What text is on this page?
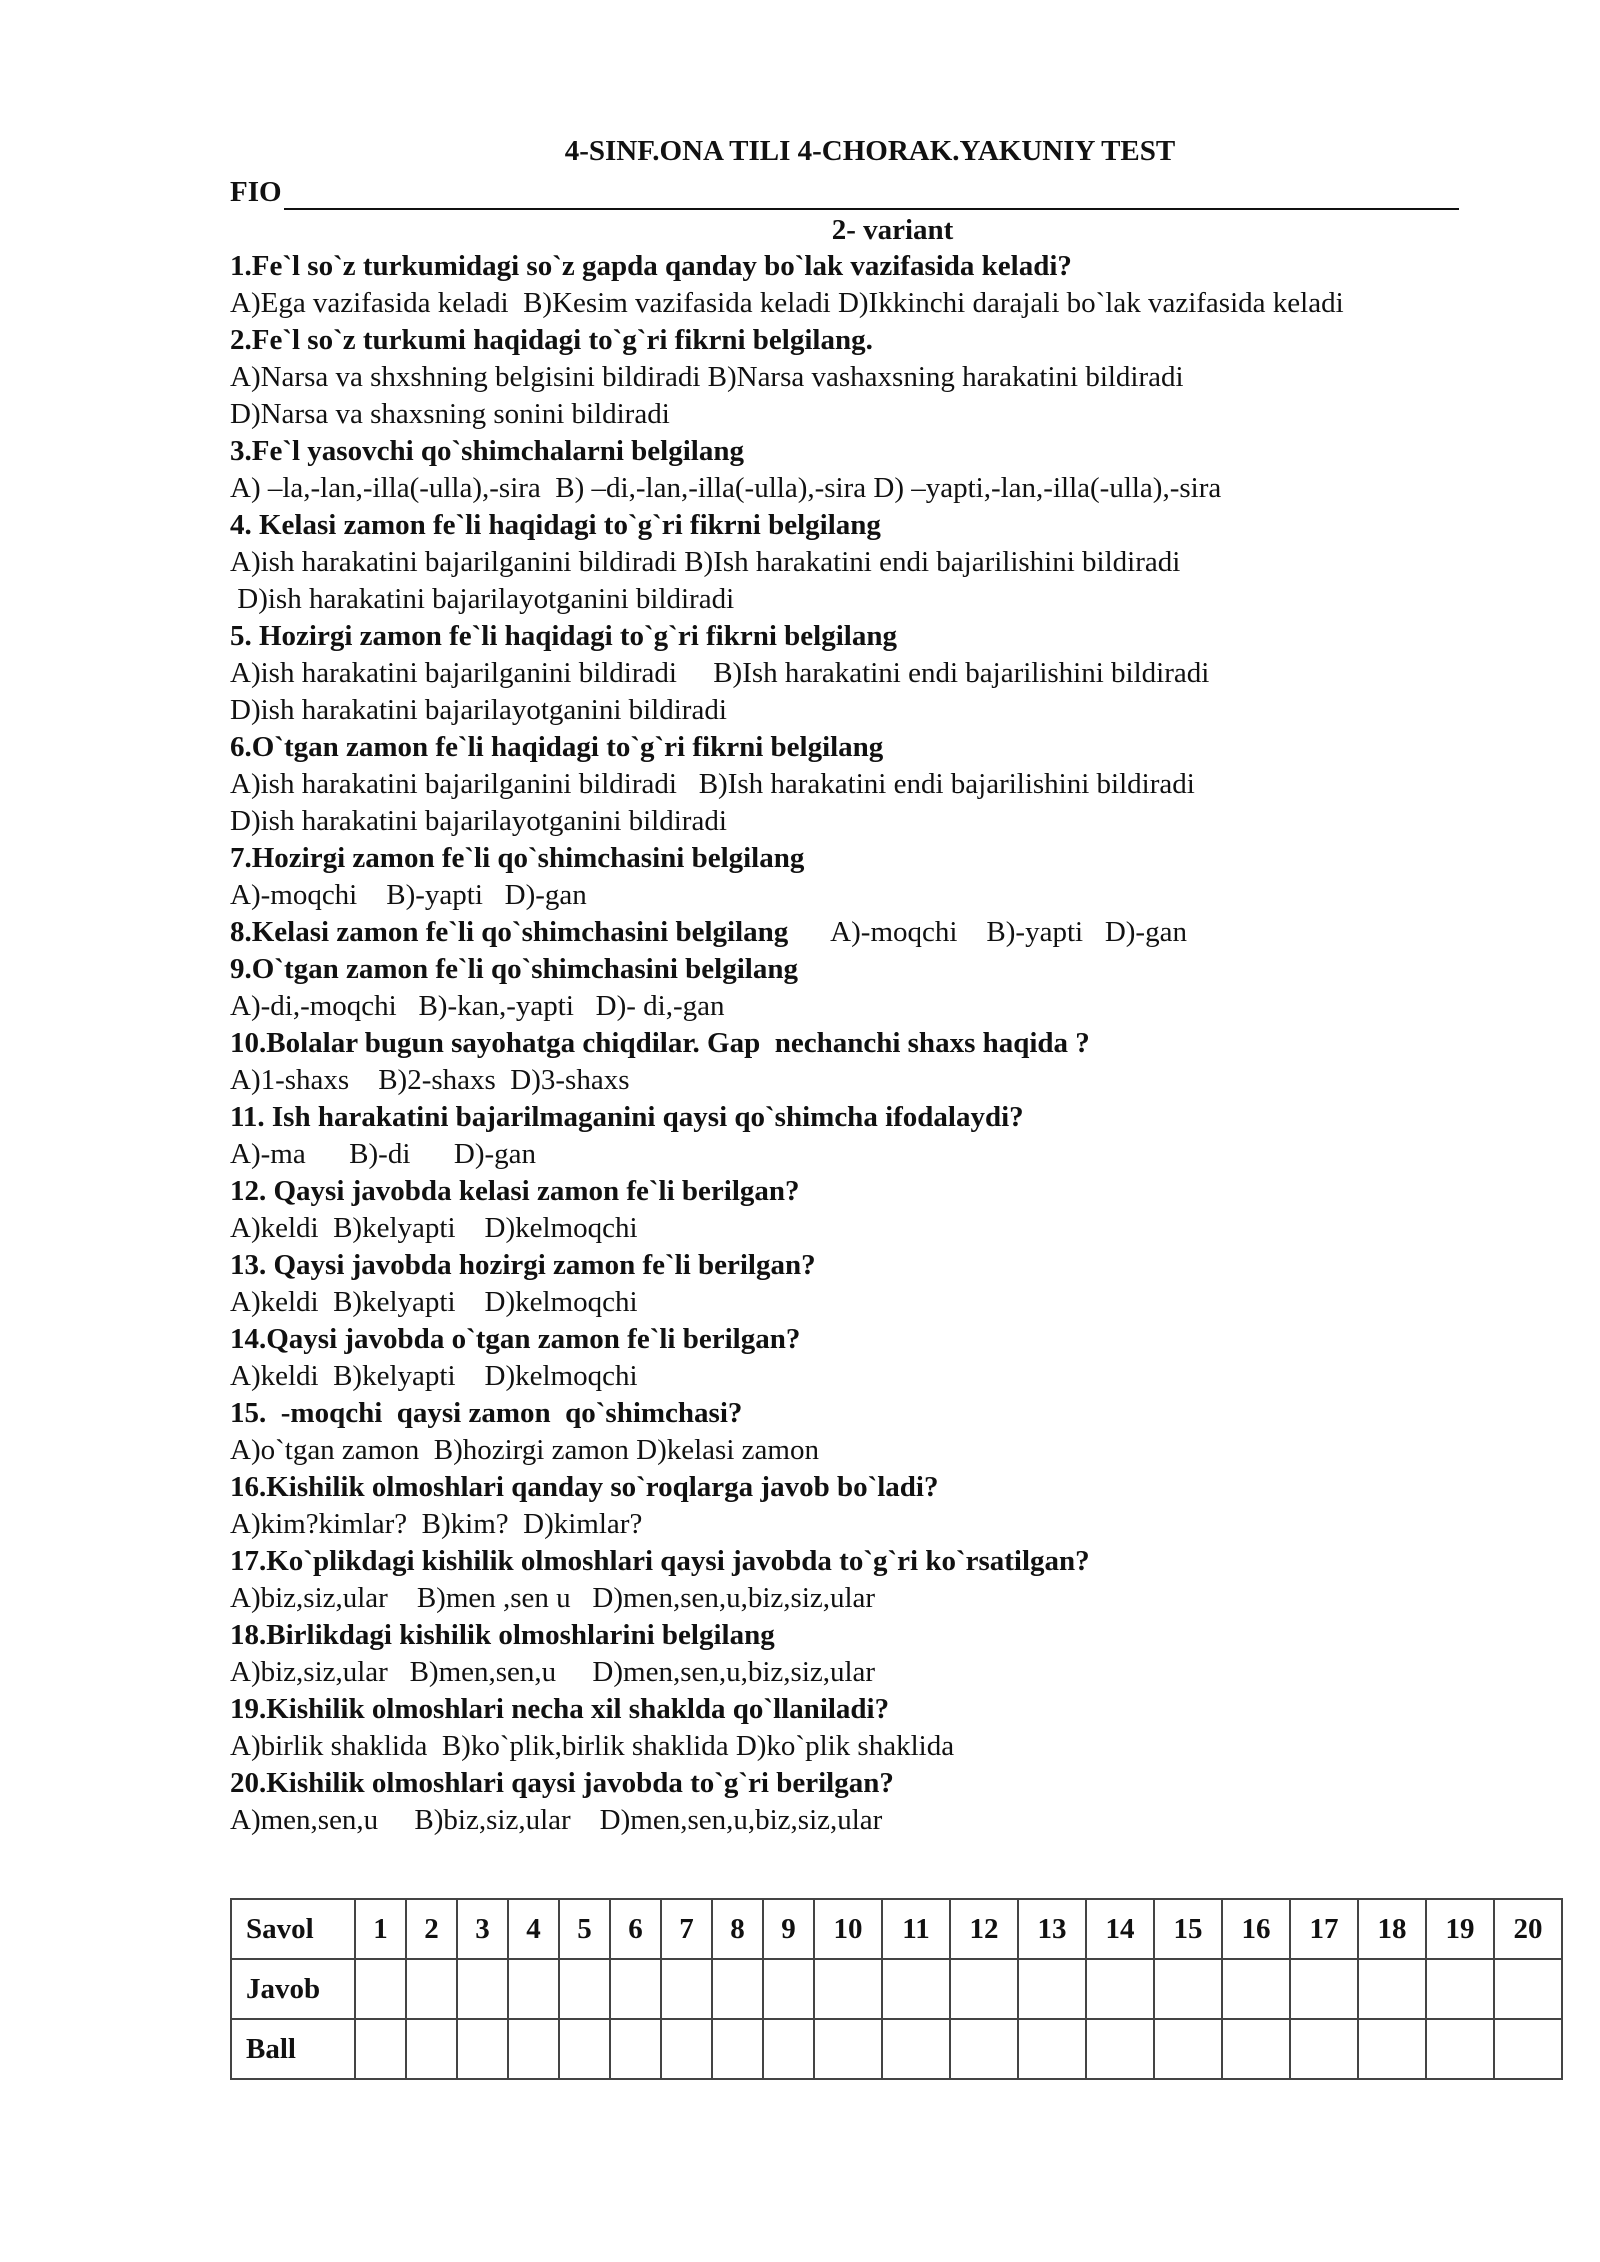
4-SINF.ONA TILI 4-CHORAK.YAKUNIY TEST
FIO
2- variant
1.Fe`l so`z turkumidagi so`z gapda qanday bo`lak vazifasida keladi?
A)Ega vazifasida keladi  B)Kesim vazifasida keladi D)Ikkinchi darajali bo`lak vazifasida keladi
2.Fe`l so`z turkumi haqidagi to`g`ri fikrni belgilang.
A)Narsa va shxshning belgisini bildiradi B)Narsa vashaxsning harakatini bildiradi
D)Narsa va shaxsning sonini bildiradi
3.Fe`l yasovchi qo`shimchalarni belgilang
A) –la,-lan,-illa(-ulla),-sira  B) –di,-lan,-illa(-ulla),-sira D) –yapti,-lan,-illa(-ulla),-sira
4. Kelasi zamon fe`li haqidagi to`g`ri fikrni belgilang
A)ish harakatini bajarilganini bildiradi B)Ish harakatini endi bajarilishini bildiradi
D)ish harakatini bajarilayotganini bildiradi
5. Hozirgi zamon fe`li haqidagi to`g`ri fikrni belgilang
A)ish harakatini bajarilganini bildiradi     B)Ish harakatini endi bajarilishini bildiradi
D)ish harakatini bajarilayotganini bildiradi
6.O`tgan zamon fe`li haqidagi to`g`ri fikrni belgilang
A)ish harakatini bajarilganini bildiradi   B)Ish harakatini endi bajarilishini bildiradi
D)ish harakatini bajarilayotganini bildiradi
7.Hozirgi zamon fe`li qo`shimchasini belgilang
A)-moqchi    B)-yapti   D)-gan
8.Kelasi zamon fe`li qo`shimchasini belgilang      A)-moqchi    B)-yapti   D)-gan
9.O`tgan zamon fe`li qo`shimchasini belgilang
A)-di,-moqchi   B)-kan,-yapti   D)- di,-gan
10.Bolalar bugun sayohatga chiqdilar. Gap  nechanchi shaxs haqida ?
A)1-shaxs    B)2-shaxs  D)3-shaxs
11. Ish harakatini bajarilmaganini qaysi qo`shimcha ifodalaydi?
A)-ma      B)-di      D)-gan
12. Qaysi javobda kelasi zamon fe`li berilgan?
A)keldi  B)kelyapti    D)kelmoqchi
13. Qaysi javobda hozirgi zamon fe`li berilgan?
A)keldi  B)kelyapti    D)kelmoqchi
14.Qaysi javobda o`tgan zamon fe`li berilgan?
A)keldi  B)kelyapti    D)kelmoqchi
15.  -moqchi  qaysi zamon  qo`shimchasi?
A)o`tgan zamon  B)hozirgi zamon D)kelasi zamon
16.Kishilik olmoshlari qanday so`roqlarga javob bo`ladi?
A)kim?kimlar?  B)kim?  D)kimlar?
17.Ko`plikdagi kishilik olmoshlari qaysi javobda to`g`ri ko`rsatilgan?
A)biz,siz,ular    B)men ,sen u   D)men,sen,u,biz,siz,ular
18.Birlikdagi kishilik olmoshlarini belgilang
A)biz,siz,ular   B)men,sen,u     D)men,sen,u,biz,siz,ular
19.Kishilik olmoshlari necha xil shaklda qo`llaniladi?
A)birlik shaklida  B)ko`plik,birlik shaklida D)ko`plik shaklida
20.Kishilik olmoshlari qaysi javobda to`g`ri berilgan?
A)men,sen,u     B)biz,siz,ular    D)men,sen,u,biz,siz,ular
Savol	1	2	3	4	5	6	7	8	9	10	11	12	13	14	15	16	17	18	19	20
Javob																				
Ball																				
